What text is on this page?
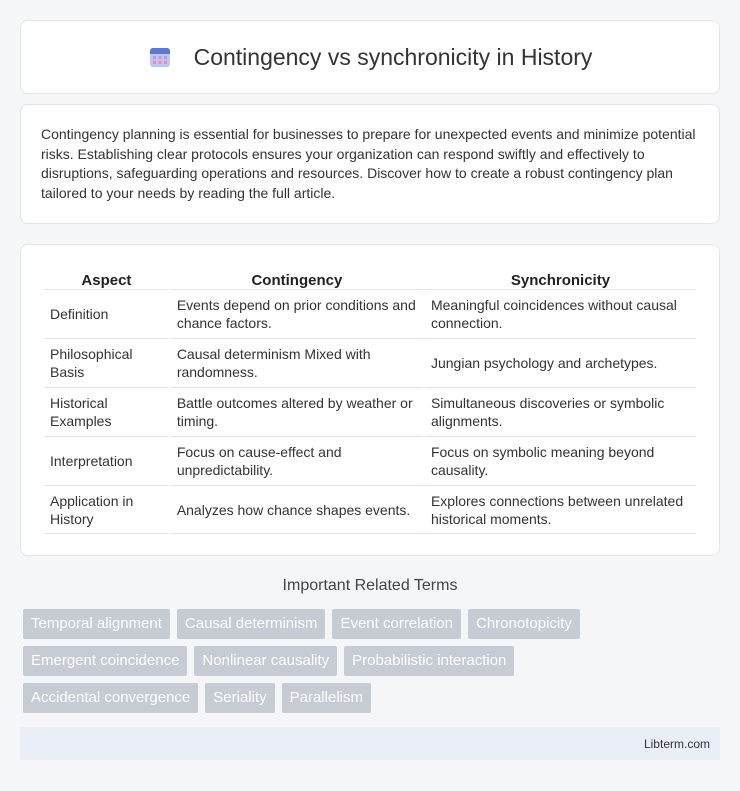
Contingency vs synchronicity in History

Contingency planning is essential for businesses to prepare for unexpected events and minimize potential risks. Establishing clear protocols ensures your organization can respond swiftly and effectively to disruptions, safeguarding operations and resources. Discover how to create a robust contingency plan tailored to your needs by reading the full article.

Aspect	Contingency	Synchronicity
Definition	Events depend on prior conditions and chance factors.	Meaningful coincidences without causal connection.
Philosophical Basis	Causal determinism Mixed with randomness.	Jungian psychology and archetypes.
Historical Examples	Battle outcomes altered by weather or timing.	Simultaneous discoveries or symbolic alignments.
Interpretation	Focus on cause-effect and unpredictability.	Focus on symbolic meaning beyond causality.
Application in History	Analyzes how chance shapes events.	Explores connections between unrelated historical moments.
Important Related Terms
Temporal alignment	Causal determinism	Event correlation	Chronotopicity
Emergent coincidence	Nonlinear causality	Probabilistic interaction
Accidental convergence	Seriality	Parallelism
Libterm.com
